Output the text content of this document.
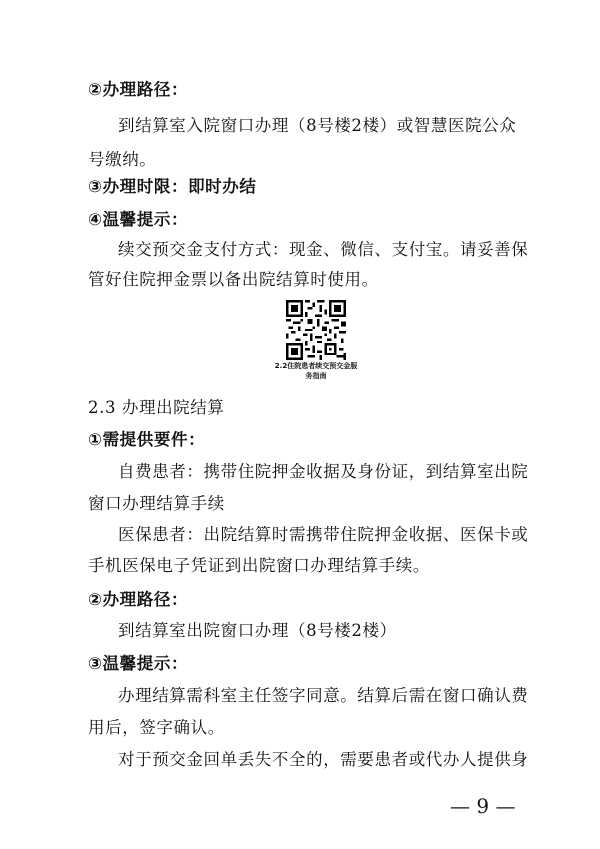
②办理路径：
到结算室入院窗口办理（8号楼2楼）或智慧医院公众
号缴纳。
③办理时限：即时办结
④温馨提示：
续交预交金支付方式：现金、微信、支付宝。请妥善保
管好住院押金票以备出院结算时使用。
2.2住院患者续交预交金服
务指南
2.3 办理出院结算
①需提供要件：
自费患者：携带住院押金收据及身份证，到结算室出院
窗口办理结算手续
医保患者：出院结算时需携带住院押金收据、医保卡或
手机医保电子凭证到出院窗口办理结算手续。
②办理路径：
到结算室出院窗口办理（8号楼2楼）
③温馨提示：
办理结算需科室主任签字同意。结算后需在窗口确认费
用后，签字确认。
对于预交金回单丢失不全的，需要患者或代办人提供身
— 9 —
